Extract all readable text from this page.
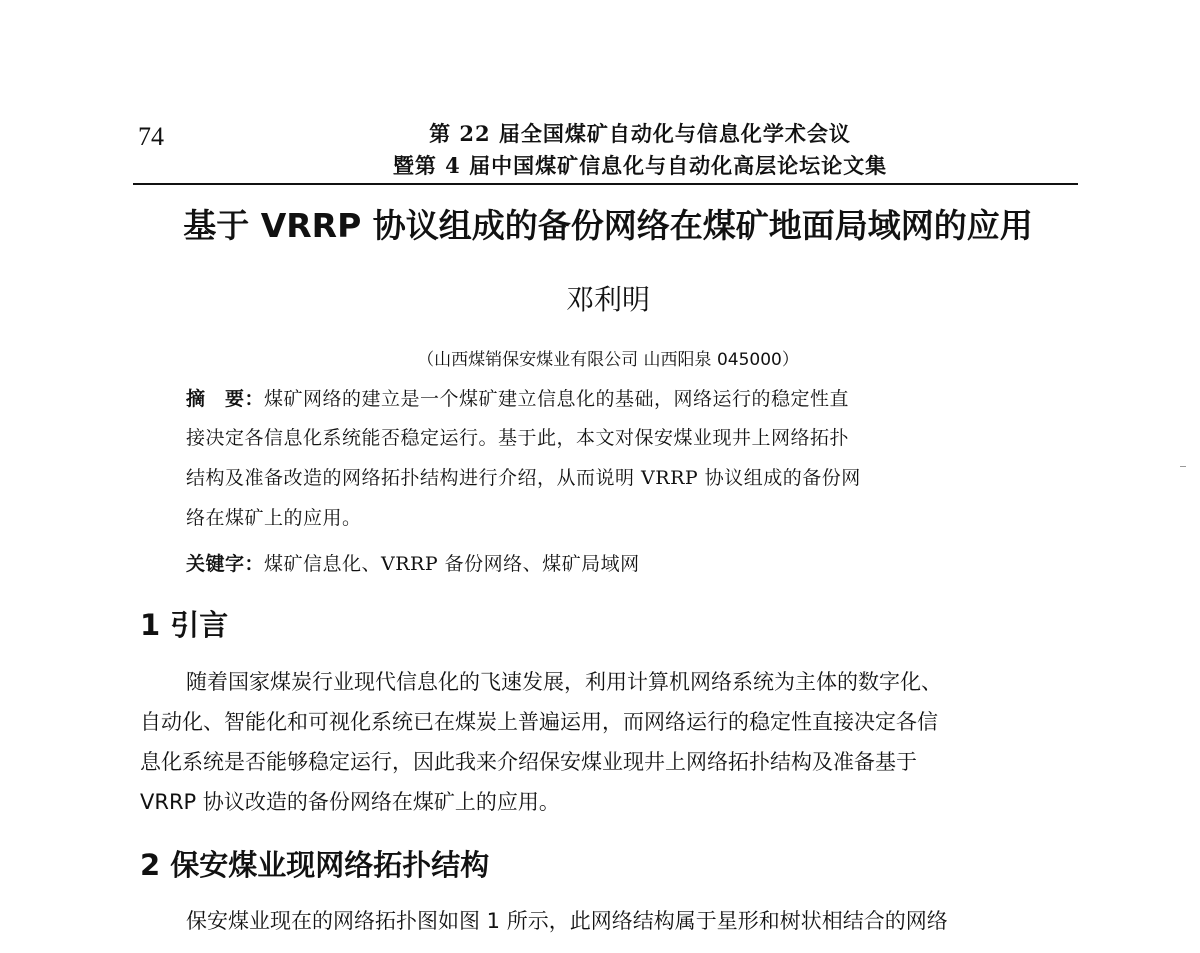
74	第 22 届全国煤矿自动化与信息化学术会议
暨第 4 届中国煤矿信息化与自动化高层论坛论文集
基于 VRRP 协议组成的备份网络在煤矿地面局域网的应用
邓利明
（山西煤销保安煤业有限公司 山西阳泉 045000）
摘　要：煤矿网络的建立是一个煤矿建立信息化的基础，网络运行的稳定性直
接决定各信息化系统能否稳定运行。基于此，本文对保安煤业现井上网络拓扑
结构及准备改造的网络拓扑结构进行介绍，从而说明 VRRP 协议组成的备份网
络在煤矿上的应用。
关键字：煤矿信息化、VRRP 备份网络、煤矿局域网
1 引言
随着国家煤炭行业现代信息化的飞速发展，利用计算机网络系统为主体的数字化、
自动化、智能化和可视化系统已在煤炭上普遍运用，而网络运行的稳定性直接决定各信
息化系统是否能够稳定运行，因此我来介绍保安煤业现井上网络拓扑结构及准备基于
VRRP 协议改造的备份网络在煤矿上的应用。
2 保安煤业现网络拓扑结构
保安煤业现在的网络拓扑图如图 1 所示，此网络结构属于星形和树状相结合的网络
